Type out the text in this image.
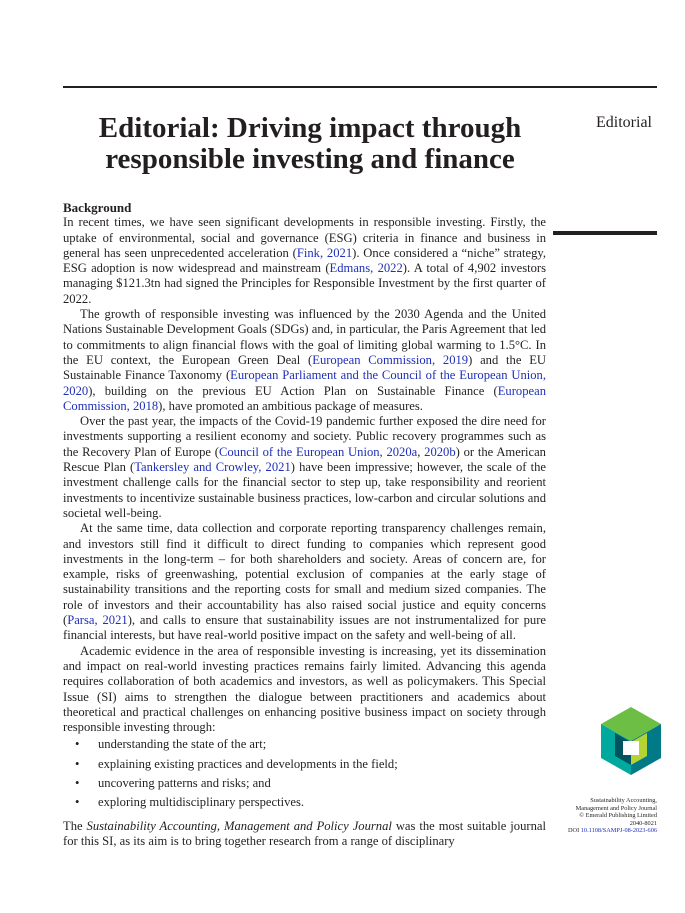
Editorial: Driving impact through
responsible investing and finance
Editorial
Background

In recent times, we have seen significant developments in responsible investing. Firstly, the uptake of environmental, social and governance (ESG) criteria in finance and business in general has seen unprecedented acceleration (Fink, 2021). Once considered a “niche” strategy, ESG adoption is now widespread and mainstream (Edmans, 2022). A total of 4,902 investors managing $121.3tn had signed the Principles for Responsible Investment by the first quarter of 2022.

The growth of responsible investing was influenced by the 2030 Agenda and the United Nations Sustainable Development Goals (SDGs) and, in particular, the Paris Agreement that led to commitments to align financial flows with the goal of limiting global warming to 1.5°C. In the EU context, the European Green Deal (European Commission, 2019) and the EU Sustainable Finance Taxonomy (European Parliament and the Council of the European Union, 2020), building on the previous EU Action Plan on Sustainable Finance (European Commission, 2018), have promoted an ambitious package of measures.

Over the past year, the impacts of the Covid-19 pandemic further exposed the dire need for investments supporting a resilient economy and society. Public recovery programmes such as the Recovery Plan of Europe (Council of the European Union, 2020a, 2020b) or the American Rescue Plan (Tankersley and Crowley, 2021) have been impressive; however, the scale of the investment challenge calls for the financial sector to step up, take responsibility and reorient investments to incentivize sustainable business practices, low-carbon and circular solutions and societal well-being.

At the same time, data collection and corporate reporting transparency challenges remain, and investors still find it difficult to direct funding to companies which represent good investments in the long-term – for both shareholders and society. Areas of concern are, for example, risks of greenwashing, potential exclusion of companies at the early stage of sustainability transitions and the reporting costs for small and medium sized companies. The role of investors and their accountability has also raised social justice and equity concerns (Parsa, 2021), and calls to ensure that sustainability issues are not instrumentalized for pure financial interests, but have real-world positive impact on the safety and well-being of all.

Academic evidence in the area of responsible investing is increasing, yet its dissemination and impact on real-world investing practices remains fairly limited. Advancing this agenda requires collaboration of both academics and investors, as well as policymakers. This Special Issue (SI) aims to strengthen the dialogue between practitioners and academics about theoretical and practical challenges on enhancing positive business impact on society through responsible investing through:

• understanding the state of the art;
• explaining existing practices and developments in the field;
• uncovering patterns and risks; and
• exploring multidisciplinary perspectives.

The Sustainability Accounting, Management and Policy Journal was the most suitable journal for this SI, as its aim is to bring together research from a range of disciplinary

Sustainability Accounting,
Management and Policy Journal
© Emerald Publishing Limited
2040-8021
DOI 10.1108/SAMPJ-08-2023-606
